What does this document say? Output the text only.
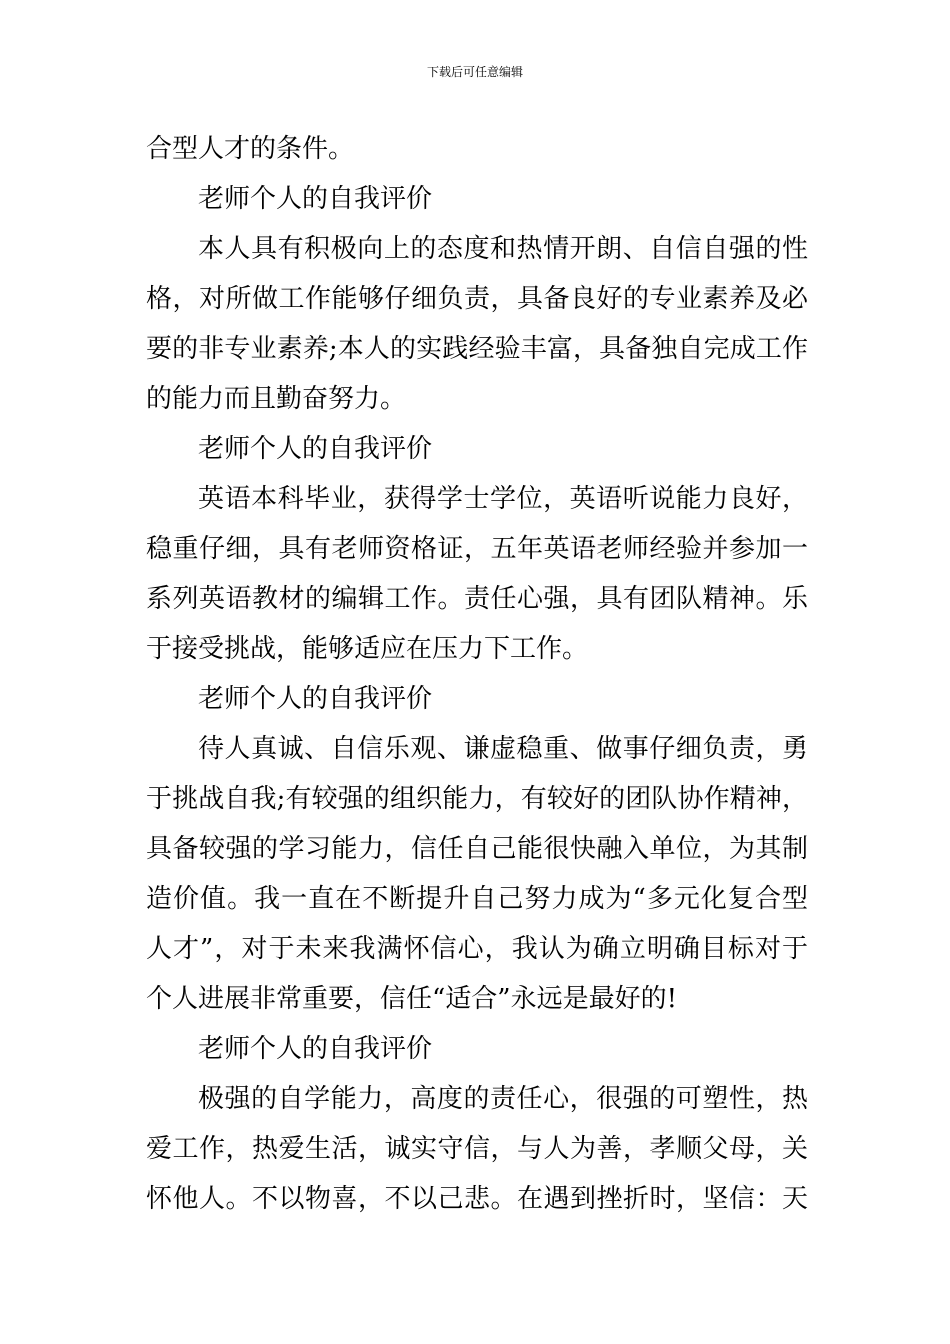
下载后可任意编辑
合型人才的条件。
老师个人的自我评价
本人具有积极向上的态度和热情开朗、自信自强的性
格，对所做工作能够仔细负责，具备良好的专业素养及必
要的非专业素养;本人的实践经验丰富，具备独自完成工作
的能力而且勤奋努力。
老师个人的自我评价
英语本科毕业，获得学士学位，英语听说能力良好，
稳重仔细，具有老师资格证，五年英语老师经验并参加一
系列英语教材的编辑工作。责任心强，具有团队精神。乐
于接受挑战，能够适应在压力下工作。
老师个人的自我评价
待人真诚、自信乐观、谦虚稳重、做事仔细负责，勇
于挑战自我;有较强的组织能力，有较好的团队协作精神，
具备较强的学习能力，信任自己能很快融入单位，为其制
造价值。我一直在不断提升自己努力成为“多元化复合型
人才”，对于未来我满怀信心，我认为确立明确目标对于
个人进展非常重要，信任“适合”永远是最好的!
老师个人的自我评价
极强的自学能力，高度的责任心，很强的可塑性，热
爱工作，热爱生活，诚实守信，与人为善，孝顺父母，关
怀他人。不以物喜，不以己悲。在遇到挫折时，坚信：天
